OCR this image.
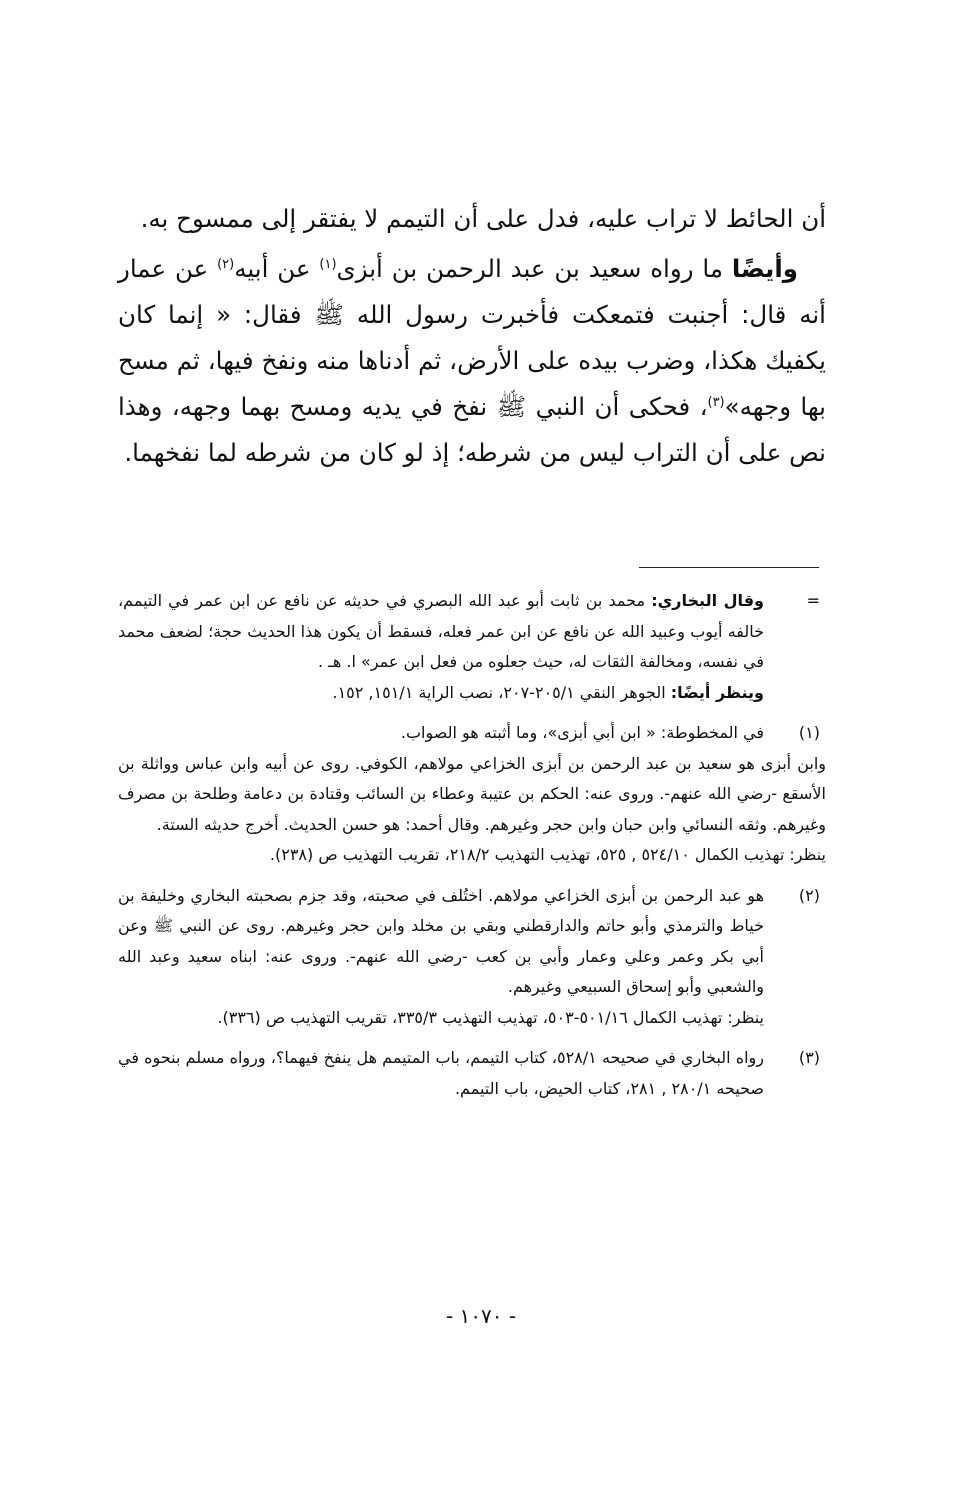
أن الحائط لا تراب عليه، فدل على أن التيمم لا يفتقر إلى ممسوح به.

وأيضًا ما رواه سعيد بن عبد الرحمن بن أبزى$^{(١)}$ عن أبيه$^{(٢)}$ عن عمار أنه قال: أجنبت فتمعكت فأخبرت رسول الله ﷺ فقال: « إنما كان يكفيك هكذا، وضرب بيده على الأرض، ثم أدناها منه ونفخ فيها، ثم مسح بها وجهه»$^{(٣)}$، فحكى أن النبي ﷺ نفخ في يديه ومسح بهما وجهه، وهذا نص على أن التراب ليس من شرطه؛ إذ لو كان من شرطه لما نفخهما.

=

وقال البخاري: محمد بن ثابت أبو عبد الله البصري في حديثه عن نافع عن ابن عمر في التيمم، خالفه أيوب وعبيد الله عن نافع عن ابن عمر فعله، فسقط أن يكون هذا الحديث حجة؛ لضعف محمد في نفسه، ومخالفة الثقات له، حيث جعلوه من فعل ابن عمر» ا. هـ .

وينظر أيضًا: الجوهر النقي ٢٠٥/١-٢٠٧، نصب الراية ١٥١/١, ١٥٢.

(١)

في المخطوطة: « ابن أبي أبزى»، وما أثبته هو الصواب.

وابن أبزى هو سعيد بن عبد الرحمن بن أبزى الخزاعي مولاهم، الكوفي. روى عن أبيه وابن عباس وواثلة بن الأسقع -رضي الله عنهم-. وروى عنه: الحكم بن عتيبة وعطاء بن السائب وقتادة بن دعامة وطلحة بن مصرف وغيرهم. وثقه النسائي وابن حبان وابن حجر وغيرهم. وقال أحمد: هو حسن الحديث. أخرج حديثه الستة.

ينظر: تهذيب الكمال ٥٢٤/١٠ , ٥٢٥، تهذيب التهذيب ٢١٨/٢، تقريب التهذيب ص (٢٣٨).

(٢)

هو عبد الرحمن بن أبزى الخزاعي مولاهم. اختُلف في صحبته، وقد جزم بصحبته البخاري وخليفة بن خياط والترمذي وأبو حاتم والدارقطني وبقي بن مخلد وابن حجر وغيرهم. روى عن النبي ﷺ وعن أبي بكر وعمر وعلي وعمار وأبي بن كعب -رضي الله عنهم-. وروى عنه: ابناه سعيد وعبد الله والشعبي وأبو إسحاق السبيعي وغيرهم.

ينظر: تهذيب الكمال ٥٠١/١٦-٥٠٣، تهذيب التهذيب ٣٣٥/٣، تقريب التهذيب ص (٣٣٦).

(٣)

رواه البخاري في صحيحه ٥٢٨/١، كتاب التيمم، باب المتيمم هل ينفخ فيهما؟، ورواه مسلم بنحوه في صحيحه ٢٨٠/١ , ٢٨١، كتاب الحيض، باب التيمم.

- ١٠٧٠ -
